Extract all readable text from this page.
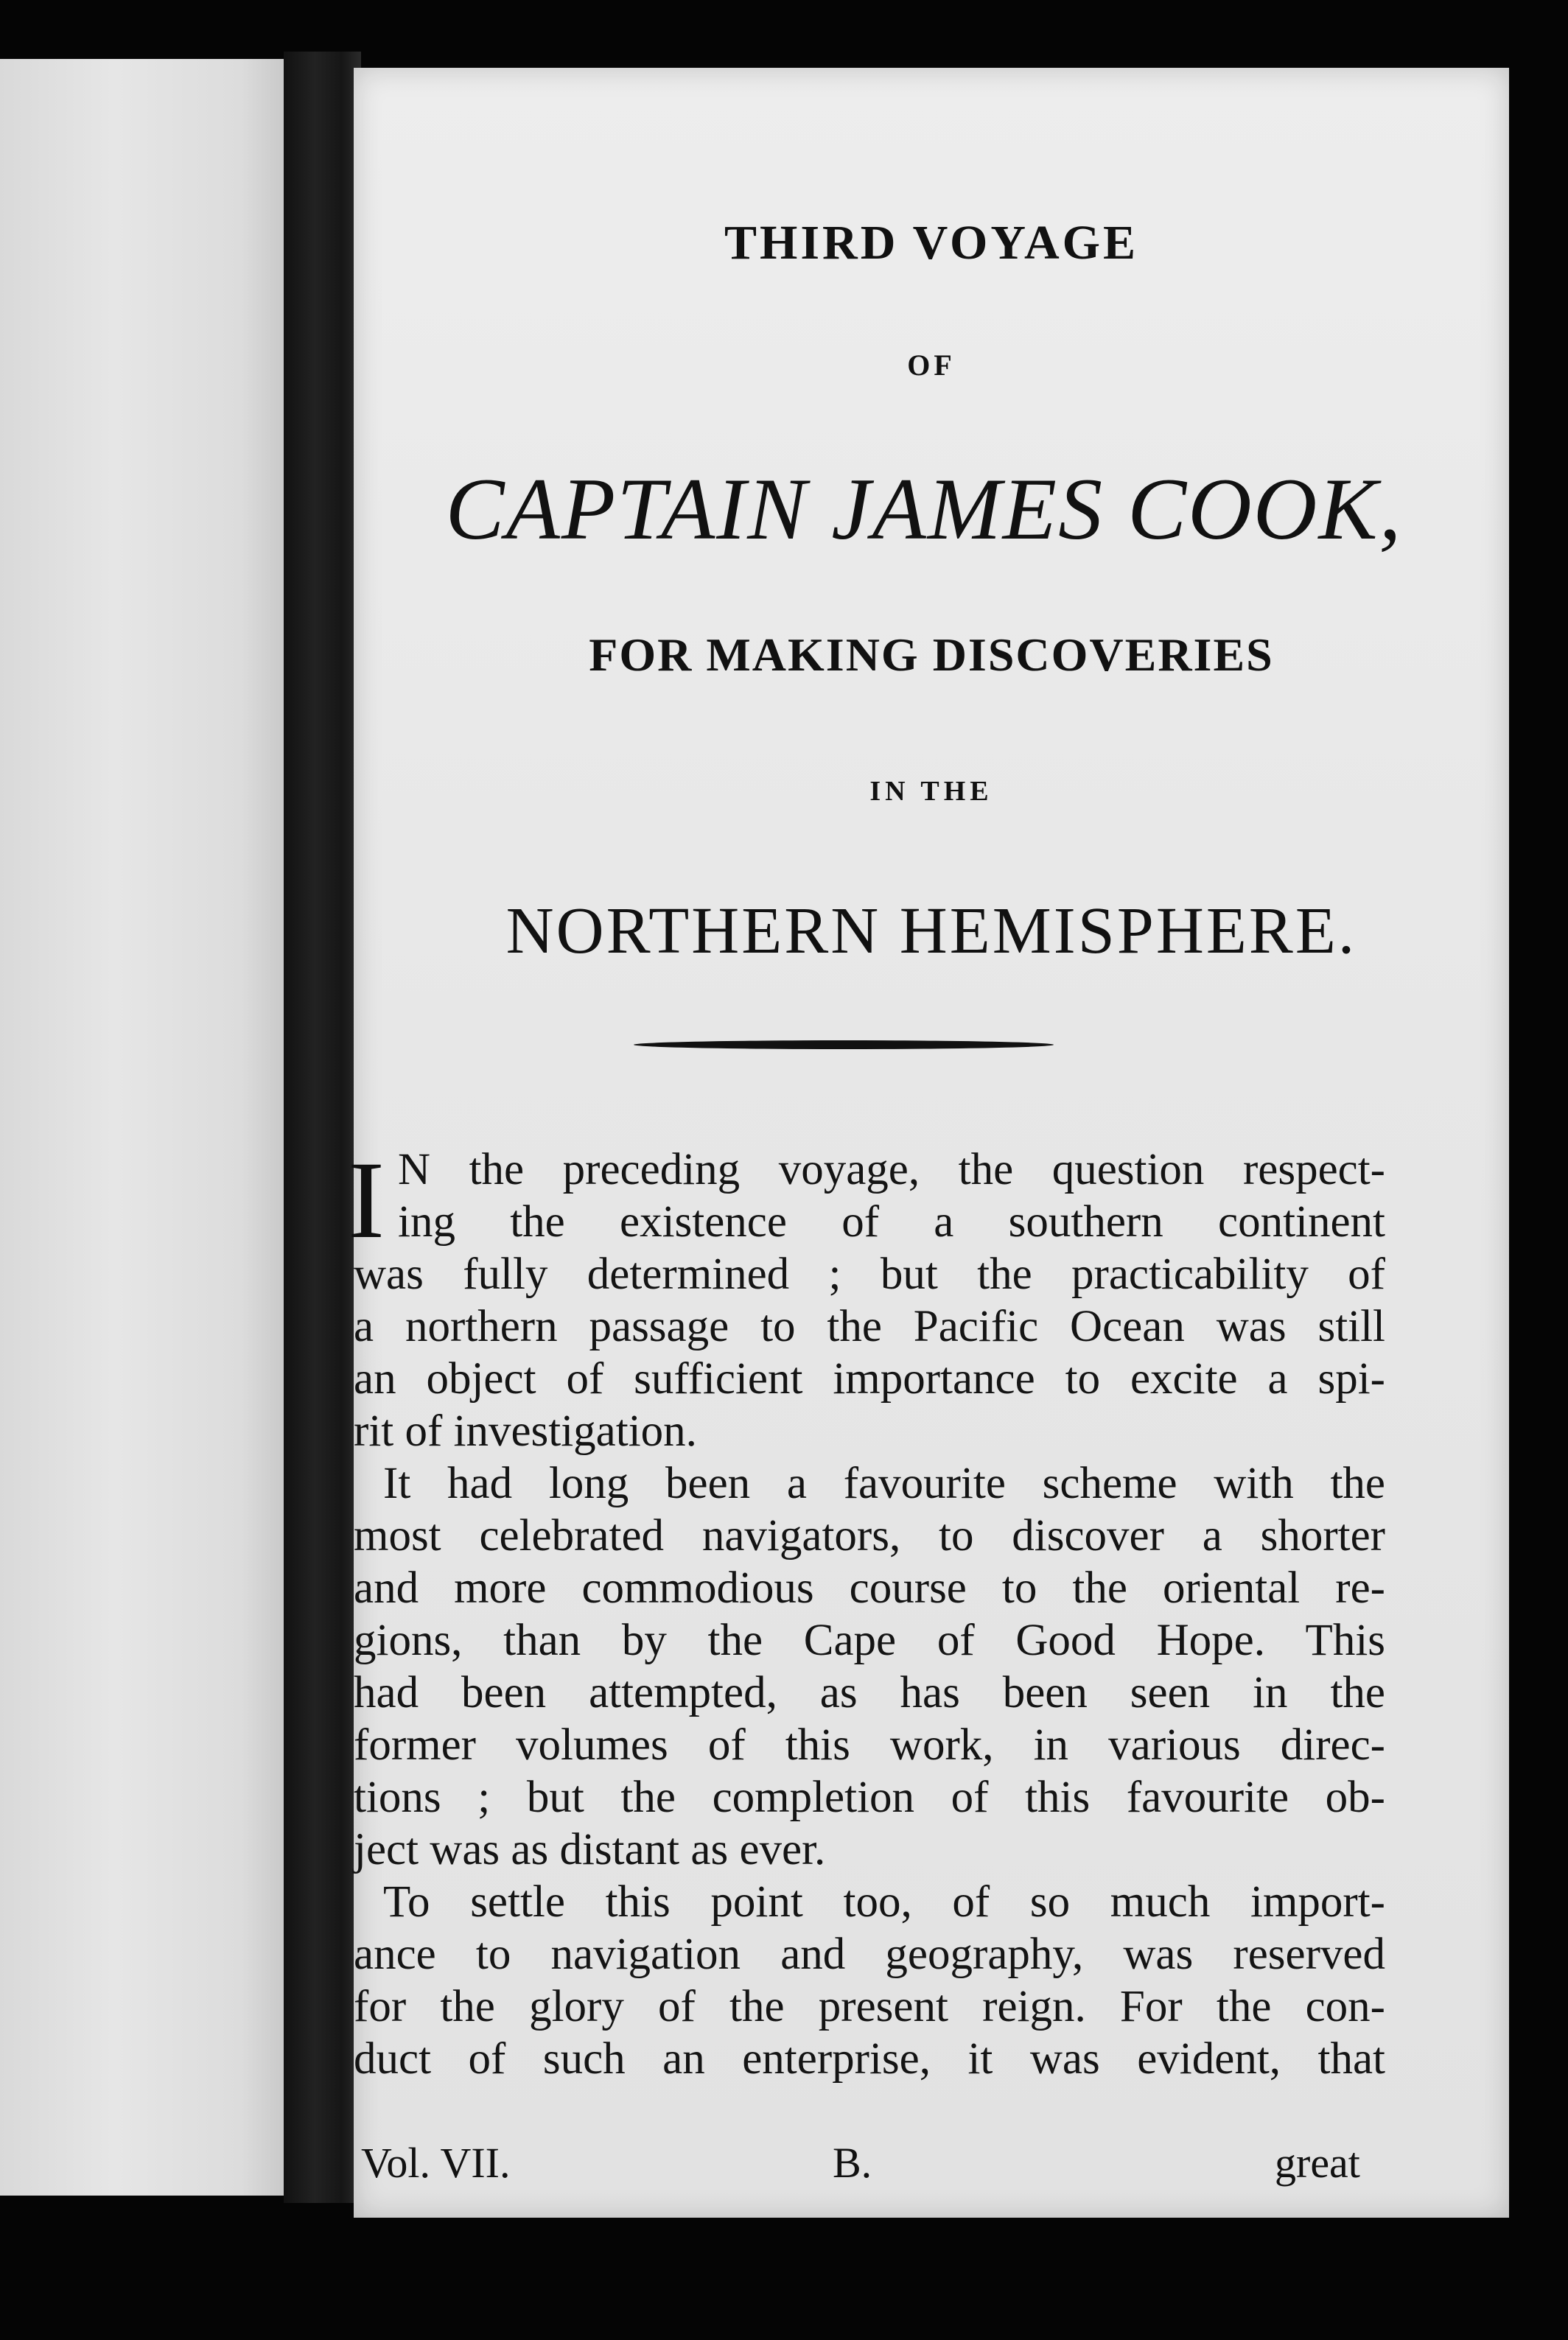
THIRD VOYAGE
OF
CAPTAIN JAMES COOK,
FOR MAKING DISCOVERIES
IN THE
NORTHERN HEMISPHERE.
I N the preceding voyage, the question respect-
ing the existence of a southern continent
was fully determined ; but the practicability of
a northern passage to the Pacific Ocean was still
an object of sufficient importance to excite a spi-
rit of investigation.
It had long been a favourite scheme with the
most celebrated navigators, to discover a shorter
and more commodious course to the oriental re-
gions, than by the Cape of Good Hope. This
had been attempted, as has been seen in the
former volumes of this work, in various direc-
tions ; but the completion of this favourite ob-
ject was as distant as ever.
To settle this point too, of so much import-
ance to navigation and geography, was reserved
for the glory of the present reign. For the con-
duct of such an enterprise, it was evident, that
Vol. VII.	B.	great
